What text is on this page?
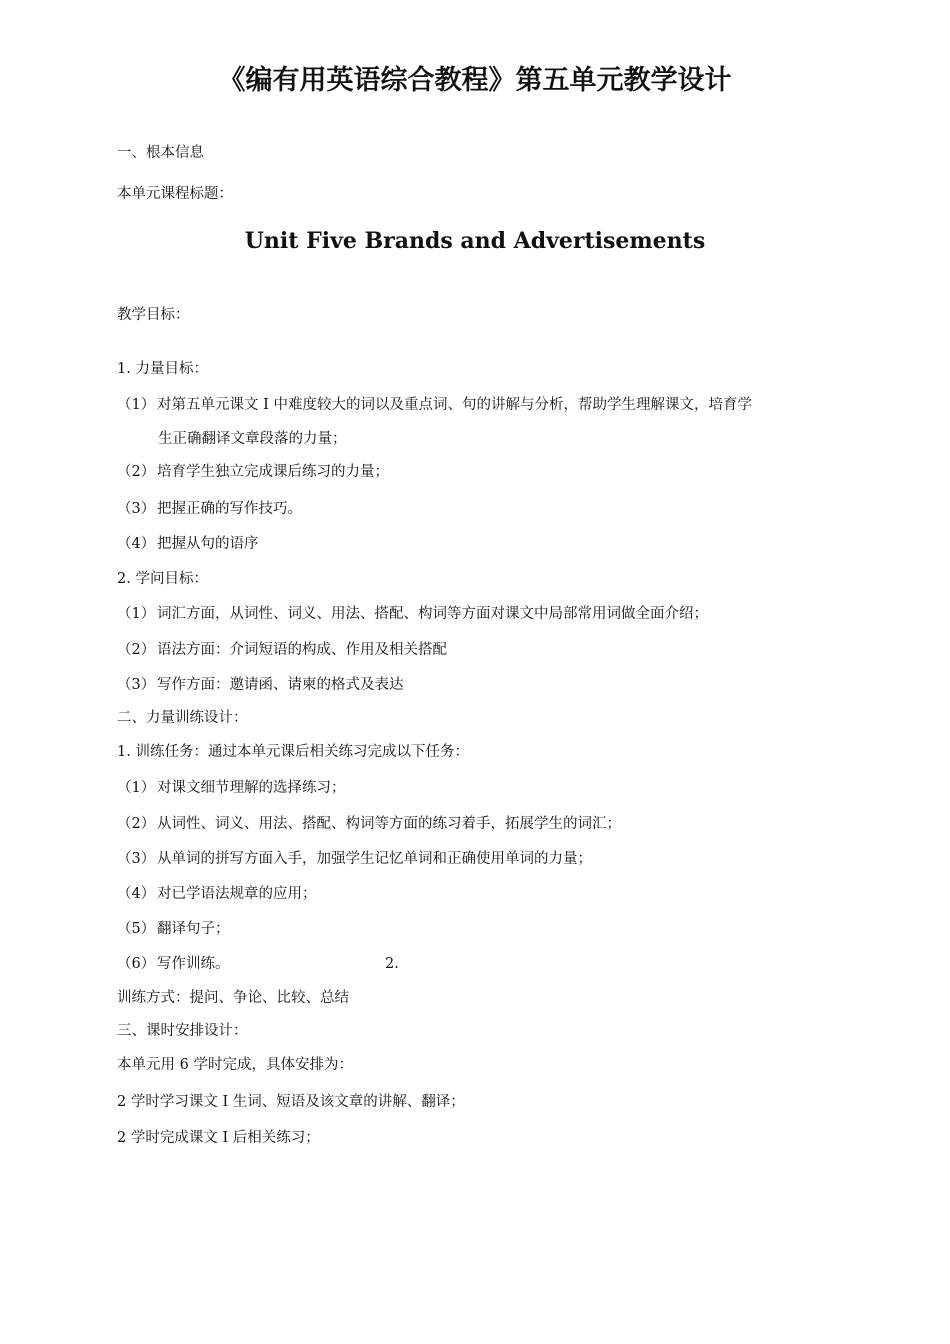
《编有用英语综合教程》第五单元教学设计
一、根本信息
本单元课程标题：
Unit Five Brands and Advertisements
教学目标：
1. 力量目标：
（1） 对第五单元课文 I 中难度较大的词以及重点词、句的讲解与分析，帮助学生理解课文，培育学
生正确翻译文章段落的力量；
（2） 培育学生独立完成课后练习的力量；
（3） 把握正确的写作技巧。
（4） 把握从句的语序
2. 学问目标：
（1） 词汇方面，从词性、词义、用法、搭配、构词等方面对课文中局部常用词做全面介绍；
（2） 语法方面：介词短语的构成、作用及相关搭配
（3） 写作方面：邀请函、请柬的格式及表达
二、力量训练设计：
1. 训练任务：通过本单元课后相关练习完成以下任务：
（1） 对课文细节理解的选择练习；
（2） 从词性、词义、用法、搭配、构词等方面的练习着手，拓展学生的词汇；
（3） 从单词的拼写方面入手，加强学生记忆单词和正确使用单词的力量；
（4） 对已学语法规章的应用；
（5） 翻译句子；
（6） 写作训练。	2.
训练方式：提问、争论、比较、总结
三、课时安排设计：
本单元用 6 学时完成，具体安排为：
2 学时学习课文 I 生词、短语及该文章的讲解、翻译；
2 学时完成课文 I 后相关练习；
